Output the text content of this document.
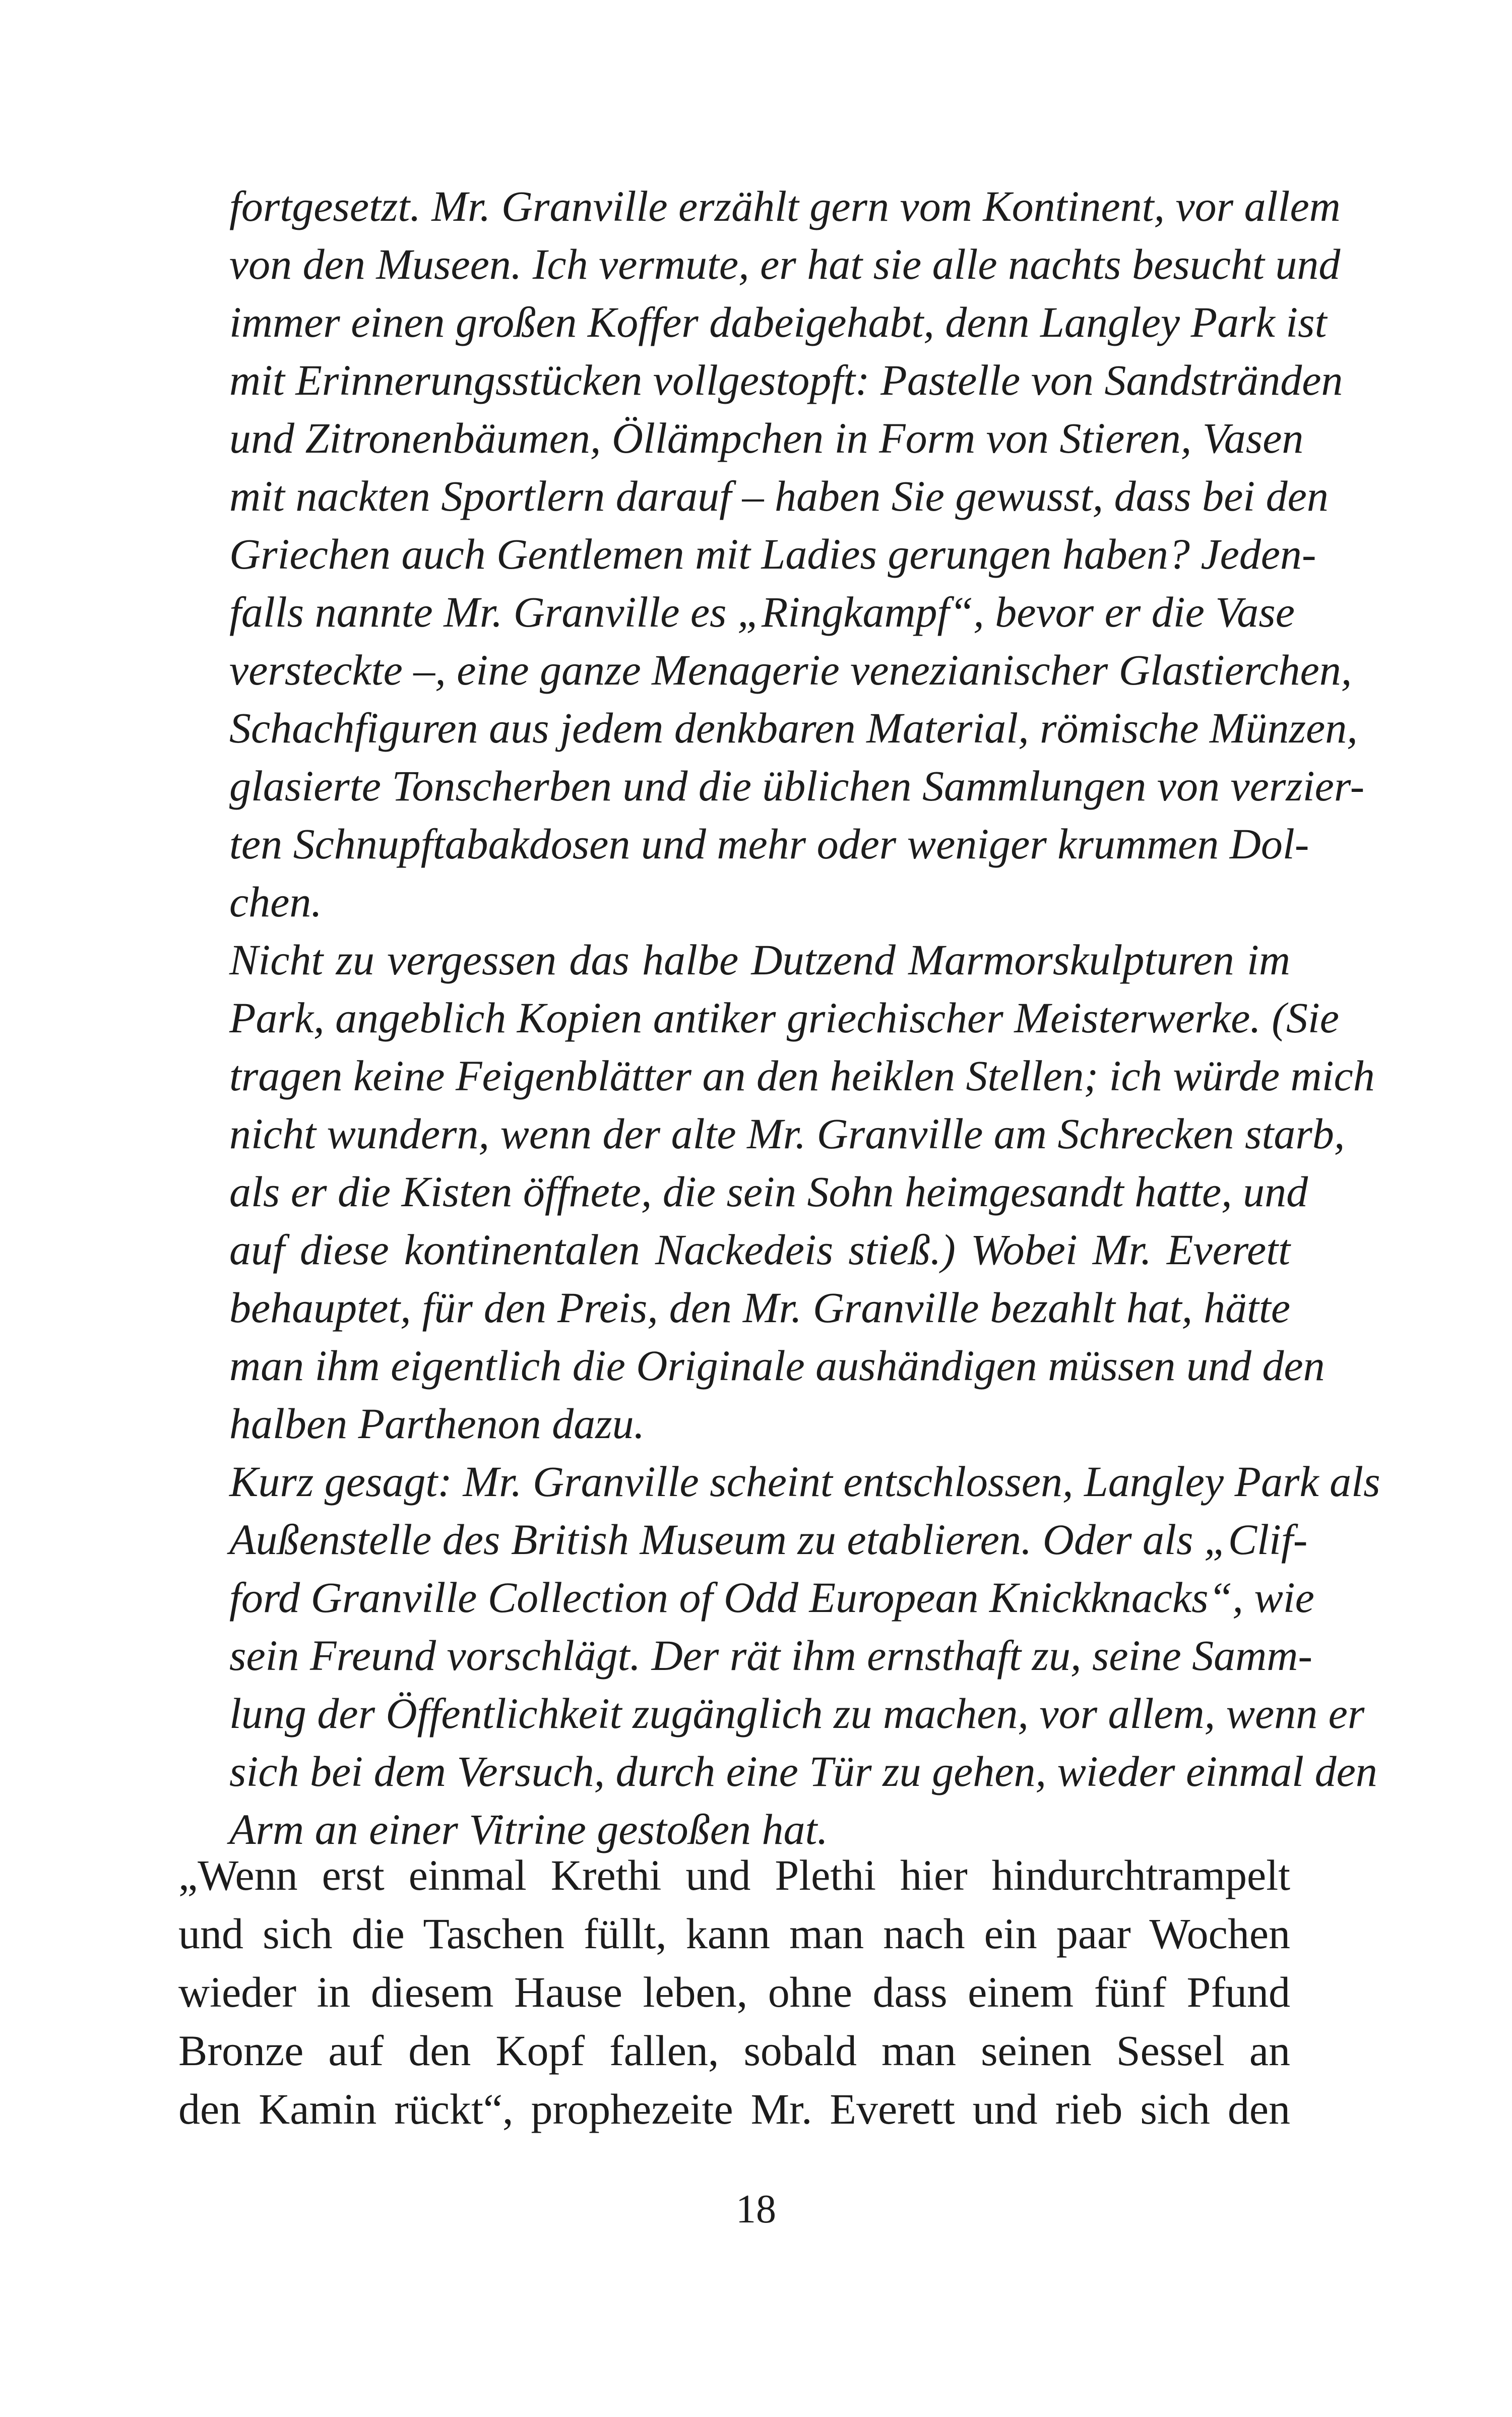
fortgesetzt. Mr. Granville erzählt gern vom Kontinent, vor allem
von den Museen. Ich vermute, er hat sie alle nachts besucht und
immer einen großen Koffer dabeigehabt, denn Langley Park ist
mit Erinnerungsstücken vollgestopft: Pastelle von Sandstränden
und Zitronenbäumen, Öllämpchen in Form von Stieren, Vasen
mit nackten Sportlern darauf – haben Sie gewusst, dass bei den
Griechen auch Gentlemen mit Ladies gerungen haben? Jeden-
falls nannte Mr. Granville es „Ringkampf“, bevor er die Vase
versteckte –, eine ganze Menagerie venezianischer Glastierchen,
Schachfiguren aus jedem denkbaren Material, römische Münzen,
glasierte Tonscherben und die üblichen Sammlungen von verzier-
ten Schnupftabakdosen und mehr oder weniger krummen Dol-
chen.
Nicht zu vergessen das halbe Dutzend Marmorskulpturen im
Park, angeblich Kopien antiker griechischer Meisterwerke. (Sie
tragen keine Feigenblätter an den heiklen Stellen; ich würde mich
nicht wundern, wenn der alte Mr. Granville am Schrecken starb,
als er die Kisten öffnete, die sein Sohn heimgesandt hatte, und
auf diese kontinentalen Nackedeis stieß.) Wobei Mr. Everett
behauptet, für den Preis, den Mr. Granville bezahlt hat, hätte
man ihm eigentlich die Originale aushändigen müssen und den
halben Parthenon dazu.
Kurz gesagt: Mr. Granville scheint entschlossen, Langley Park als
Außenstelle des British Museum zu etablieren. Oder als „Clif-
ford Granville Collection of Odd European Knickknacks“, wie
sein Freund vorschlägt. Der rät ihm ernsthaft zu, seine Samm-
lung der Öffentlichkeit zugänglich zu machen, vor allem, wenn er
sich bei dem Versuch, durch eine Tür zu gehen, wieder einmal den
Arm an einer Vitrine gestoßen hat.
„Wenn erst einmal Krethi und Plethi hier hindurchtrampelt
und sich die Taschen füllt, kann man nach ein paar Wochen
wieder in diesem Hause leben, ohne dass einem fünf Pfund
Bronze auf den Kopf fallen, sobald man seinen Sessel an
den Kamin rückt“, prophezeite Mr. Everett und rieb sich den
18
